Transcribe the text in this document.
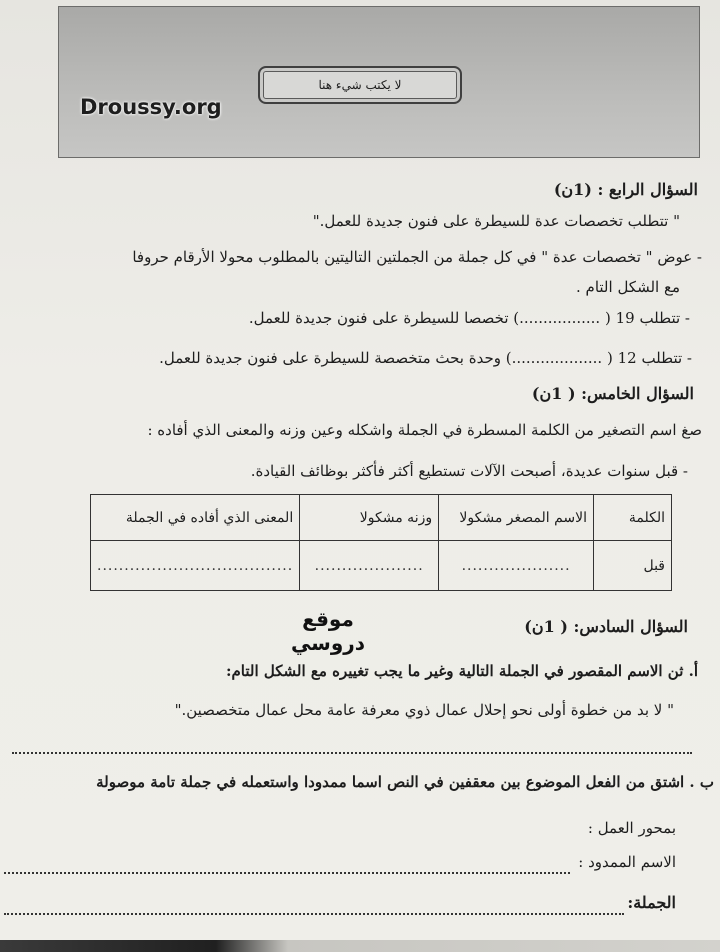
لا يكتب شيء هنا
Droussy.org
السؤال الرابع : (1ن)
" تتطلب تخصصات عدة للسيطرة على فنون جديدة للعمل."
- عوض " تخصصات عدة " في كل جملة من الجملتين التاليتين بالمطلوب محولا الأرقام حروفا
مع الشكل التام .
- تتطلب 19 ( .................) تخصصا للسيطرة على فنون جديدة للعمل.
- تتطلب 12 ( ...................) وحدة بحث متخصصة للسيطرة على فنون جديدة للعمل.
السؤال الخامس: ( 1ن)
صغ اسم التصغير من الكلمة المسطرة في الجملة واشكله وعين وزنه والمعنى الذي أفاده :
- قبل سنوات عديدة، أصبحت الآلات تستطيع أكثر فأكثر بوظائف القيادة.
الكلمة	الاسم المصغر مشكولا	وزنه مشكولا	المعنى الذي أفاده في الجملة
قبل	....................	....................	....................................
موقع دروسي
السؤال السادس: ( 1ن)
أ. ثن الاسم المقصور في الجملة التالية وغير ما يجب تغييره مع الشكل التام:
" لا بد من خطوة أولى نحو إحلال عمال ذوي معرفة عامة محل عمال متخصصين."
ب . اشتق من الفعل الموضوع بين معقفين في النص اسما ممدودا واستعمله في جملة تامة موصولة
بمحور العمل :
الاسم الممدود :
الجملة:
